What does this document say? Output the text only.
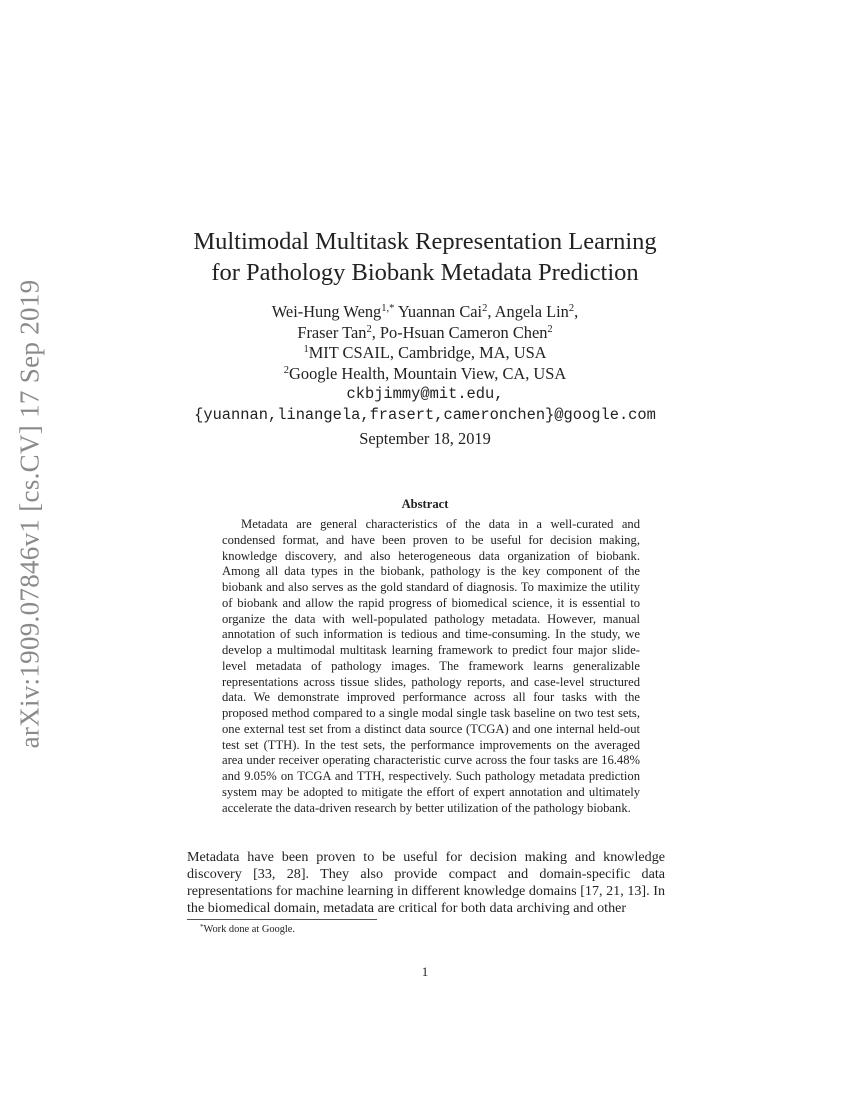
arXiv:1909.07846v1 [cs.CV] 17 Sep 2019
Multimodal Multitask Representation Learning
for Pathology Biobank Metadata Prediction
Wei-Hung Weng$^{1,*}$ Yuannan Cai$^2$, Angela Lin$^2$,
Fraser Tan$^2$, Po-Hsuan Cameron Chen$^2$
$^1$MIT CSAIL, Cambridge, MA, USA
$^2$Google Health, Mountain View, CA, USA
ckbjimmy@mit.edu,
{yuannan,linangela,frasert,cameronchen}@google.com
September 18, 2019
Abstract

Metadata are general characteristics of the data in a well-curated and condensed format, and have been proven to be useful for decision making, knowledge discovery, and also heterogeneous data organization of biobank. Among all data types in the biobank, pathology is the key component of the biobank and also serves as the gold standard of diagnosis. To maximize the utility of biobank and allow the rapid progress of biomedical science, it is essential to organize the data with well-populated pathology metadata. However, manual annotation of such information is tedious and time-consuming. In the study, we develop a multimodal multitask learning framework to predict four major slide-level metadata of pathology images. The framework learns generalizable representations across tissue slides, pathology reports, and case-level structured data. We demonstrate improved performance across all four tasks with the proposed method compared to a single modal single task baseline on two test sets, one external test set from a distinct data source (TCGA) and one internal held-out test set (TTH). In the test sets, the performance improvements on the averaged area under receiver operating characteristic curve across the four tasks are 16.48% and 9.05% on TCGA and TTH, respectively. Such pathology metadata prediction system may be adopted to mitigate the effort of expert annotation and ultimately accelerate the data-driven research by better utilization of the pathology biobank.

Metadata have been proven to be useful for decision making and knowledge discovery [33, 28]. They also provide compact and domain-specific data representations for machine learning in different knowledge domains [17, 21, 13]. In the biomedical domain, metadata are critical for both data archiving and other

*Work done at Google.
1
